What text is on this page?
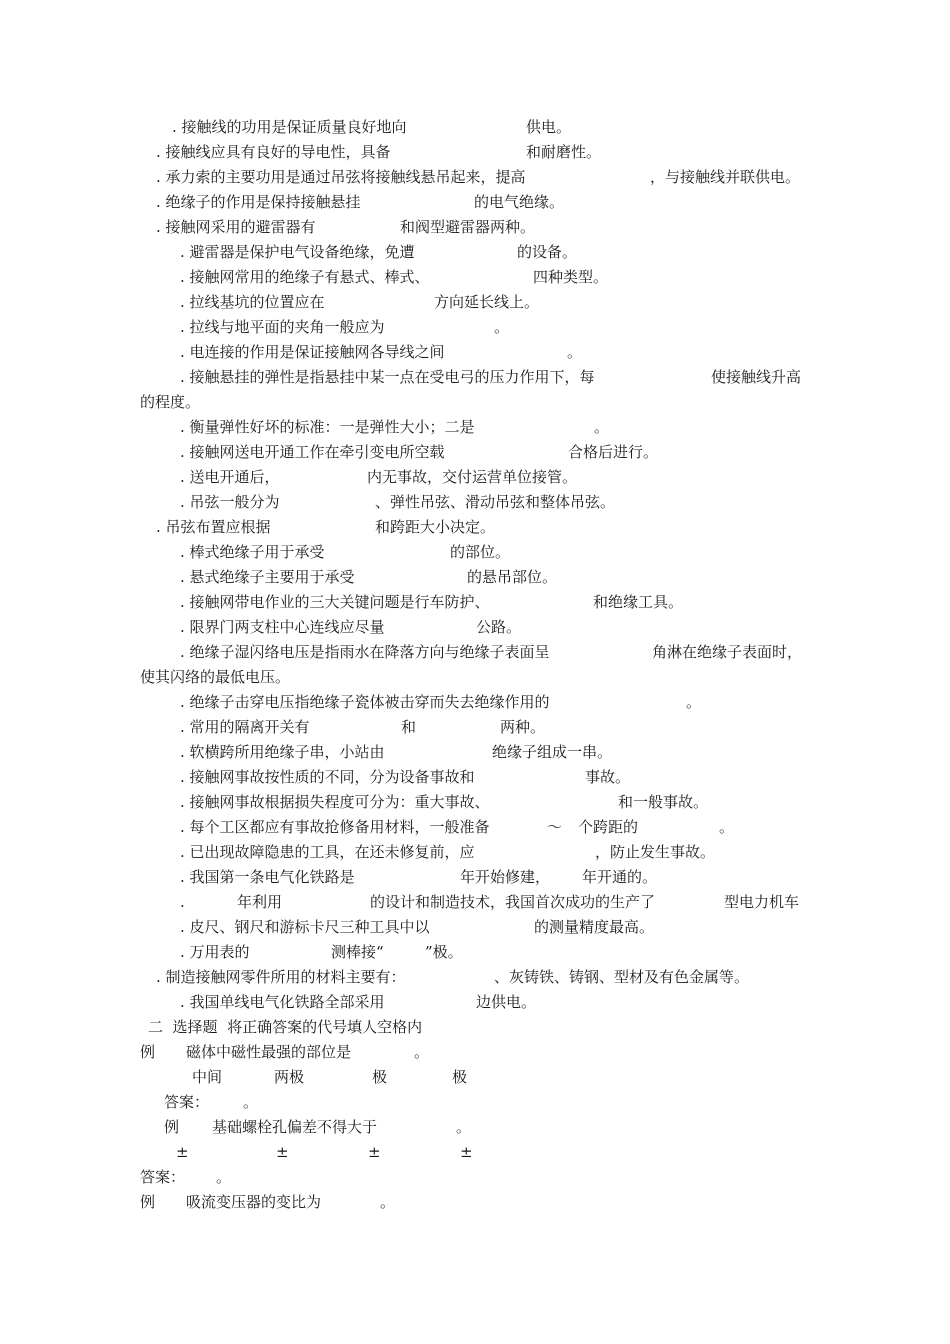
. 接触线的功用是保证质量良好地向	供电。
. 接触线应具有良好的导电性，具备	和耐磨性。
. 承力索的主要功用是通过吊弦将接触线悬吊起来，提高	，与接触线并联供电。
. 绝缘子的作用是保持接触悬挂	的电气绝缘。
. 接触网采用的避雷器有	和阀型避雷器两种。
. 避雷器是保护电气设备绝缘，免遭	的设备。
. 接触网常用的绝缘子有悬式、棒式、	四种类型。
. 拉线基坑的位置应在	方向延长线上。
. 拉线与地平面的夹角一般应为	。
. 电连接的作用是保证接触网各导线之间	。
. 接触悬挂的弹性是指悬挂中某一点在受电弓的压力作用下，每	使接触线升高
的程度。
. 衡量弹性好坏的标准：一是弹性大小；二是	。
. 接触网送电开通工作在牵引变电所空载	合格后进行。
. 送电开通后，	内无事故，交付运营单位接管。
. 吊弦一般分为	、弹性吊弦、滑动吊弦和整体吊弦。
. 吊弦布置应根据	和跨距大小决定。
. 棒式绝缘子用于承受	的部位。
. 悬式绝缘子主要用于承受	的悬吊部位。
. 接触网带电作业的三大关键问题是行车防护、	和绝缘工具。
. 限界门两支柱中心连线应尽量	公路。
. 绝缘子湿闪络电压是指雨水在降落方向与绝缘子表面呈	角淋在绝缘子表面时，
使其闪络的最低电压。
. 绝缘子击穿电压指绝缘子瓷体被击穿而失去绝缘作用的	。
. 常用的隔离开关有	和	两种。
. 软横跨所用绝缘子串，小站由	绝缘子组成一串。
. 接触网事故按性质的不同，分为设备事故和	事故。
. 接触网事故根据损失程度可分为：重大事故、	和一般事故。
. 每个工区都应有事故抢修备用材料，一般准备	～ 个跨距的	。
. 已出现故障隐患的工具，在还未修复前，应	，防止发生事故。
. 我国第一条电气化铁路是	年开始修建， 年开通的。
.	年利用	的设计和制造技术，我国首次成功的生产了	型电力机车
. 皮尺、钢尺和游标卡尺三种工具中以	的测量精度最高。
. 万用表的	测棒接“	”极。
. 制造接触网零件所用的材料主要有：	、灰铸铁、铸钢、型材及有色金属等。
. 我国单线电气化铁路全部采用	边供电。
二  选择题  将正确答案的代号填人空格内
例 磁体中磁性最强的部位是	。
中间	两极	极	极
答案： 。
例 基础螺栓孔偏差不得大于	。
±	±	±	±
答案： 。
例 吸流变压器的变比为	。
